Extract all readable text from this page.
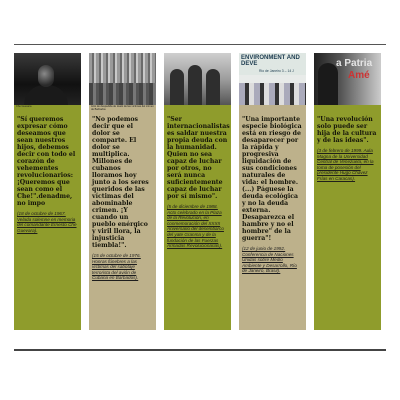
Che Guevara
"Sí queremos expresar cómo deseamos que sean nuestros hijos, debemos decir con todo el corazón de vehementes revolucionarios: ¡Queremos que sean como el Che!".denadme, no impo
(18 de octubre de 1967. Velada solemne en memoria del comandante Ernesto Che Guevara).
Acto de despedida de duelo de las víctimas del crimen de Barbados
"No podemos decir que el dolor se comparte. El dolor se multiplica. Millones de cubanos lloramos hoy junto a los seres queridos de las víctimas del abominable crimen. ¡Y cuando un pueblo enérgico y viril llora, la injusticia tiembla!".
(15 de octubre de 1976. Honras fúnebres a las víctimas del sabotaje terrorista del avión de Cubana en Barbados).
"Ser internacionalistas es saldar nuestra propia deuda con la humanidad. Quien no sea capaz de luchar por otros, no será nunca suficientemente capaz de luchar por sí mismo".
(5 de diciembre de 1988. Acto celebrado en la Plaza de la Revolución, en conmemoración del XXXII Aniversario del desembarco del yate Granma y de la fundación de las Fuerzas Armadas Revolucionarias).
ENVIRONMENT AND DEVE
Rio de Janeiro 3 – 14 J
"Una importante especie biológica está en riesgo de desaparecer por la rápida y progresiva liquidación de sus condiciones naturales de vida: el hombre. (...) Páguese la deuda ecológica y no la deuda externa. Desaparezca el hambre y no el hombre" de la guerra"!
(12 de junio de 1992. Conferencia de Naciones Unidas sobre Medio Ambiente y Desarrollo, Río de Janeiro, Brasil).
a Patria
Amé
"Una revolución solo puede ser hija de la cultura y de las ideas".
(3 de febrero de 1999. Aula Magna de la Universidad Central de Venezuela, en la toma de posesión del presidente Hugo Chávez Frías en Caracas).
